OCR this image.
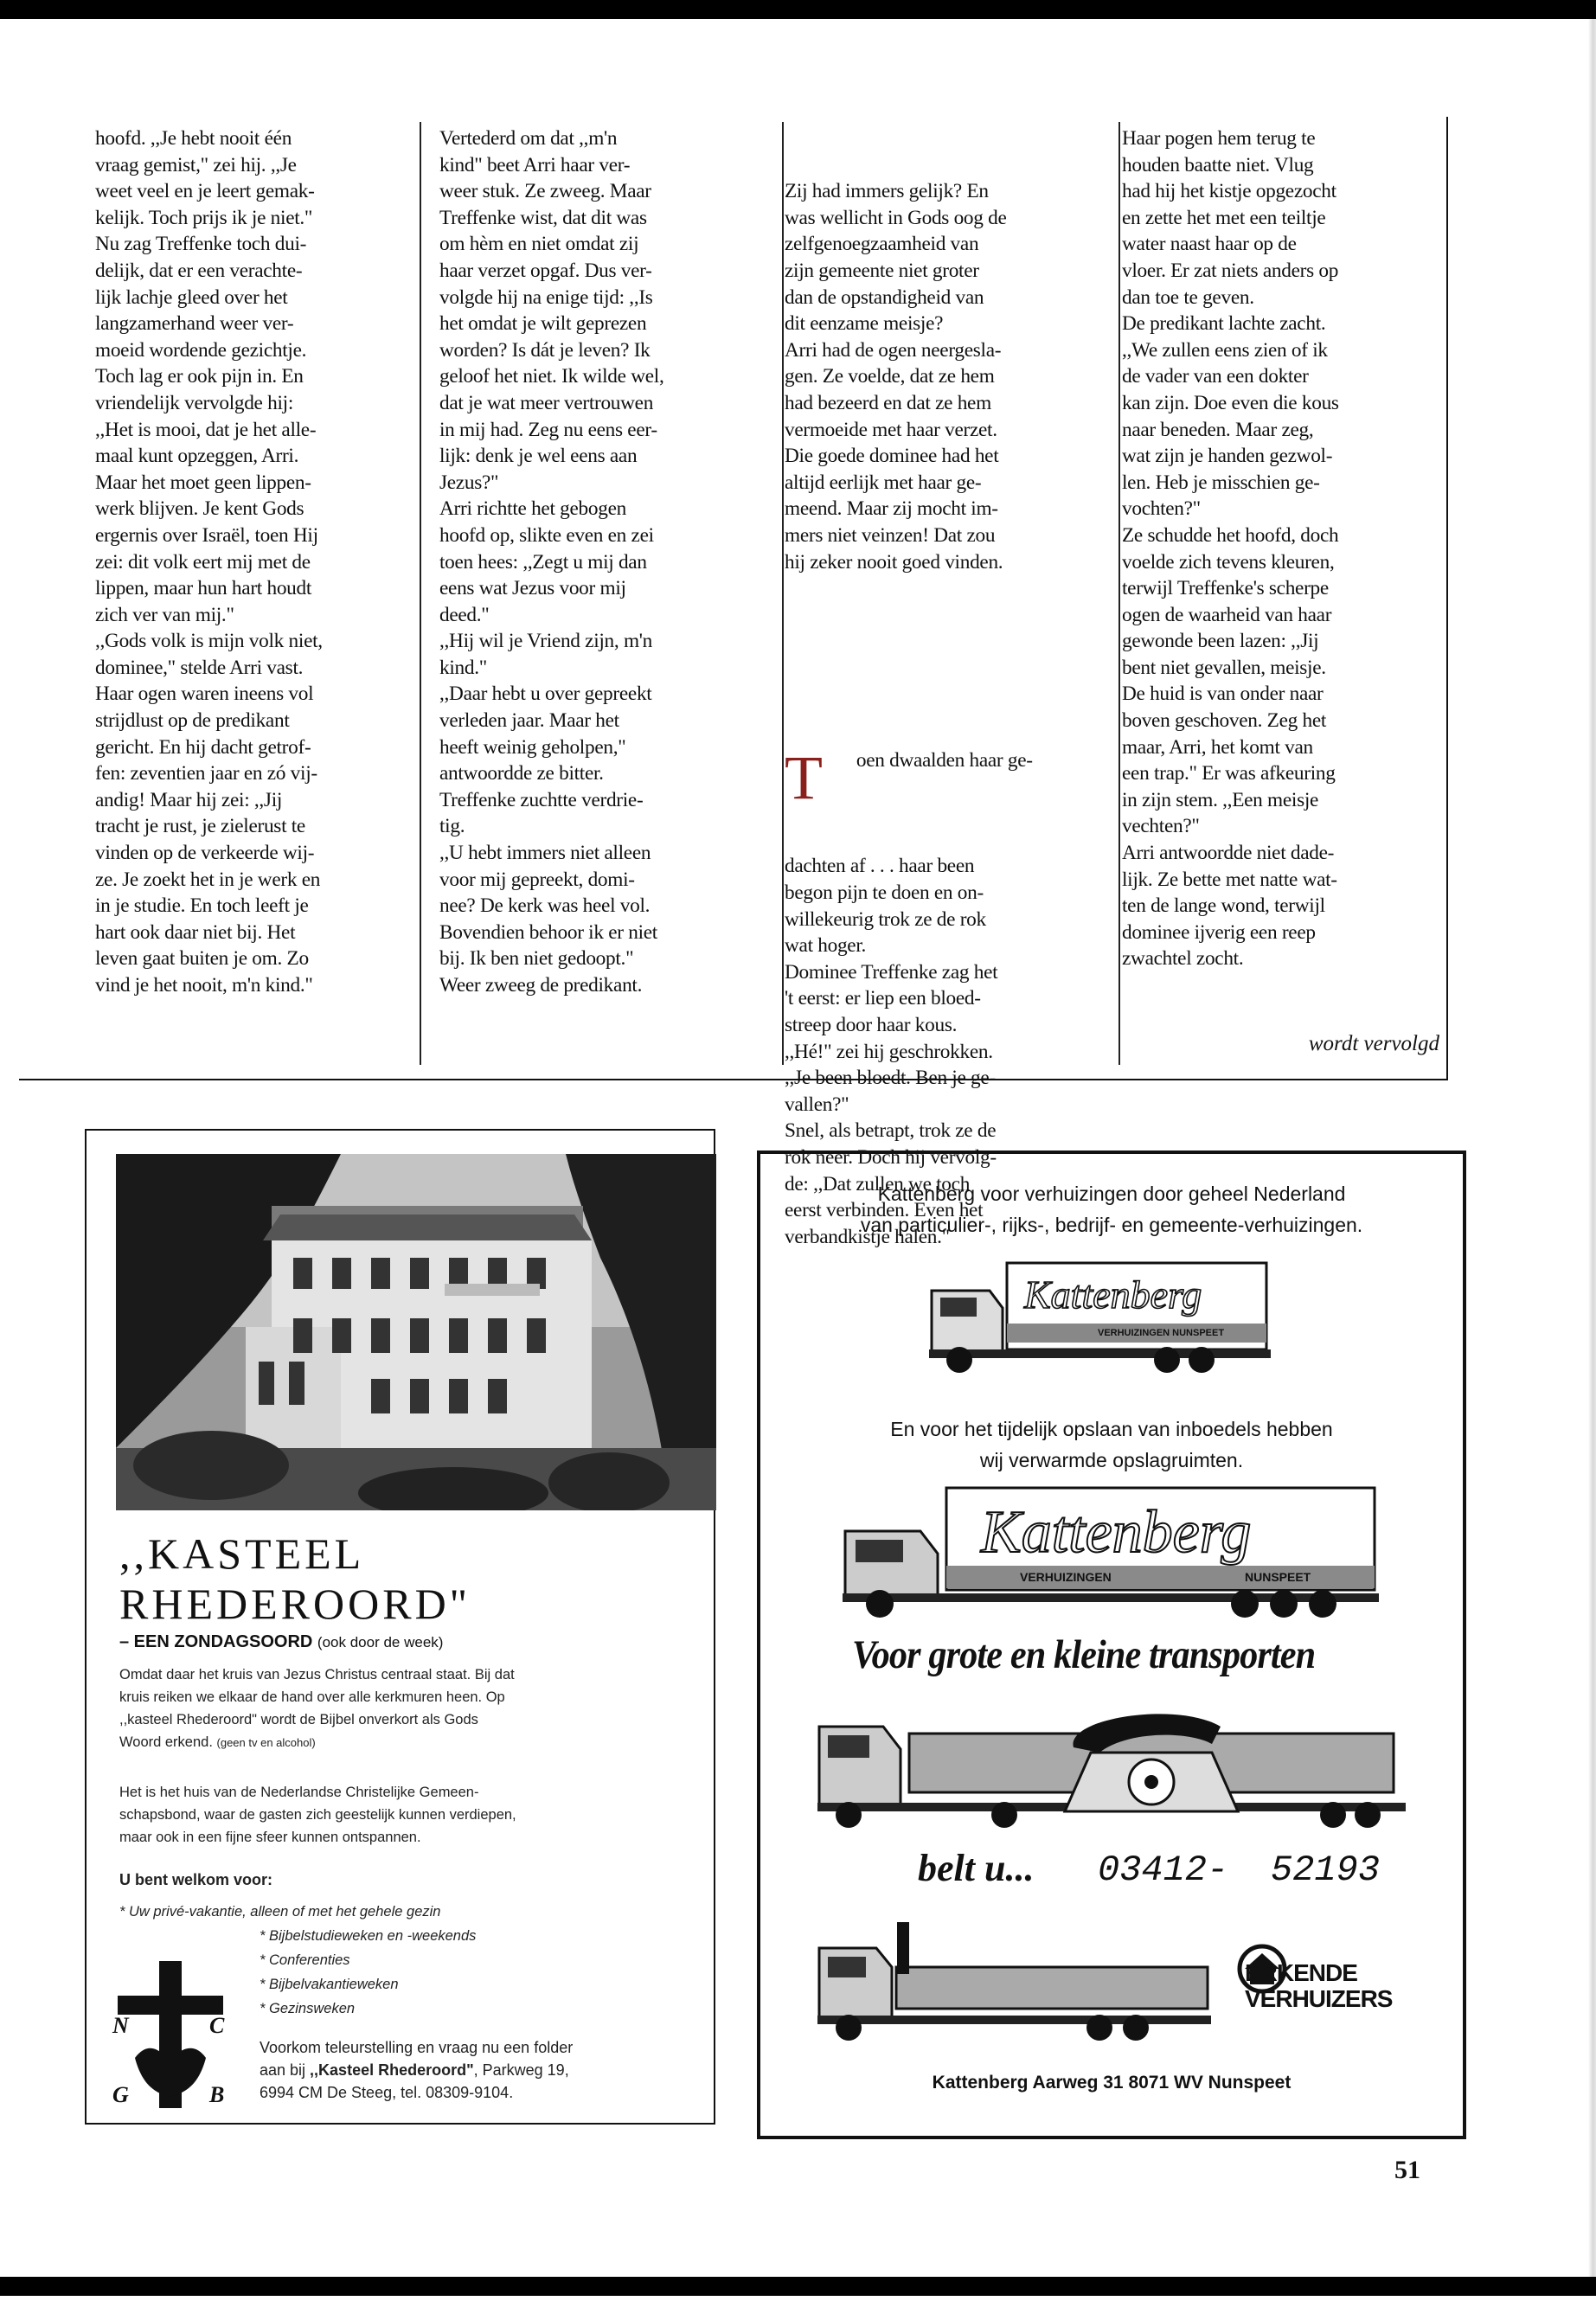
hoofd. ,,Je hebt nooit één
vraag gemist," zei hij. ,,Je
weet veel en je leert gemak-
kelijk. Toch prijs ik je niet."
Nu zag Treffenke toch dui-
delijk, dat er een verachte-
lijk lachje gleed over het
langzamerhand weer ver-
moeid wordende gezichtje.
Toch lag er ook pijn in. En
vriendelijk vervolgde hij:
,,Het is mooi, dat je het alle-
maal kunt opzeggen, Arri.
Maar het moet geen lippen-
werk blijven. Je kent Gods
ergernis over Israël, toen Hij
zei: dit volk eert mij met de
lippen, maar hun hart houdt
zich ver van mij."
,,Gods volk is mijn volk niet,
dominee," stelde Arri vast.
Haar ogen waren ineens vol
strijdlust op de predikant
gericht. En hij dacht getrof-
fen: zeventien jaar en zó vij-
andig! Maar hij zei: ,,Jij
tracht je rust, je zielerust te
vinden op de verkeerde wij-
ze. Je zoekt het in je werk en
in je studie. En toch leeft je
hart ook daar niet bij. Het
leven gaat buiten je om. Zo
vind je het nooit, m'n kind."
Vertederd om dat ,,m'n
kind" beet Arri haar ver-
weer stuk. Ze zweeg. Maar
Treffenke wist, dat dit was
om hèm en niet omdat zij
haar verzet opgaf. Dus ver-
volgde hij na enige tijd: ,,Is
het omdat je wilt geprezen
worden? Is dát je leven? Ik
geloof het niet. Ik wilde wel,
dat je wat meer vertrouwen
in mij had. Zeg nu eens eer-
lijk: denk je wel eens aan
Jezus?"
Arri richtte het gebogen
hoofd op, slikte even en zei
toen hees: ,,Zegt u mij dan
eens wat Jezus voor mij
deed."
,,Hij wil je Vriend zijn, m'n
kind."
,,Daar hebt u over gepreekt
verleden jaar. Maar het
heeft weinig geholpen,"
antwoordde ze bitter.
Treffenke zuchtte verdrie-
tig.
,,U hebt immers niet alleen
voor mij gepreekt, domi-
nee? De kerk was heel vol.
Bovendien behoor ik er niet
bij. Ik ben niet gedoopt."
Weer zweeg de predikant.

Zij had immers gelijk? En
was wellicht in Gods oog de
zelfgenoegzaamheid van
zijn gemeente niet groter
dan de opstandigheid van
dit eenzame meisje?
Arri had de ogen neergesla-
gen. Ze voelde, dat ze hem
had bezeerd en dat ze hem
vermoeide met haar verzet.
Die goede dominee had het
altijd eerlijk met haar ge-
meend. Maar zij mocht im-
mers niet veinzen! Dat zou
hij zeker nooit goed vinden.

T oen dwaalden haar ge-

dachten af . . . haar been
begon pijn te doen en on-
willekeurig trok ze de rok
wat hoger.
Dominee Treffenke zag het
't eerst: er liep een bloed-
streep door haar kous.
,,Hé!" zei hij geschrokken.
,,Je been bloedt. Ben je ge-
vallen?"
Snel, als betrapt, trok ze de
rok neer. Doch hij vervolg-
de: ,,Dat zullen we toch
eerst verbinden. Even het
verbandkistje halen."

Haar pogen hem terug te
houden baatte niet. Vlug
had hij het kistje opgezocht
en zette het met een teiltje
water naast haar op de
vloer. Er zat niets anders op
dan toe te geven.
De predikant lachte zacht.
,,We zullen eens zien of ik
de vader van een dokter
kan zijn. Doe even die kous
naar beneden. Maar zeg,
wat zijn je handen gezwol-
len. Heb je misschien ge-
vochten?"
Ze schudde het hoofd, doch
voelde zich tevens kleuren,
terwijl Treffenke's scherpe
ogen de waarheid van haar
gewonde been lazen: ,,Jij
bent niet gevallen, meisje.
De huid is van onder naar
boven geschoven. Zeg het
maar, Arri, het komt van
een trap." Er was afkeuring
in zijn stem. ,,Een meisje
vechten?"
Arri antwoordde niet dade-
lijk. Ze bette met natte wat-
ten de lange wond, terwijl
dominee ijverig een reep
zwachtel zocht.
wordt vervolgd
,,KASTEEL
RHEDEROORD"
– EEN ZONDAGSOORD (ook door de week)
Omdat daar het kruis van Jezus Christus centraal staat. Bij dat
kruis reiken we elkaar de hand over alle kerkmuren heen. Op
,,kasteel Rhederoord" wordt de Bijbel onverkort als Gods
Woord erkend. (geen tv en alcohol)
Het is het huis van de Nederlandse Christelijke Gemeen-
schapsbond, waar de gasten zich geestelijk kunnen verdiepen,
maar ook in een fijne sfeer kunnen ontspannen.
U bent welkom voor:
* Uw privé-vakantie, alleen of met het gehele gezin
* Bijbelstudieweken en -weekends
* Conferenties
* Bijbelvakantieweken
* Gezinsweken
Voorkom teleurstelling en vraag nu een folder
aan bij ,,Kasteel Rhederoord", Parkweg 19,
6994 CM De Steeg, tel. 08309-9104.
N	C
G	B
Kattenberg voor verhuizingen door geheel Nederland
van particulier-, rijks-, bedrijf- en gemeente-verhuizingen.
VERHUIZINGEN NUNSPEET
Kattenberg
En voor het tijdelijk opslaan van inboedels hebben
wij verwarmde opslagruimten.
VERHUIZINGEN	NUNSPEET
Kattenberg
Voor grote en kleine transporten
belt u... 03412- 52193
ERKENDE
VERHUIZERS
Kattenberg Aarweg 31 8071 WV Nunspeet
51
